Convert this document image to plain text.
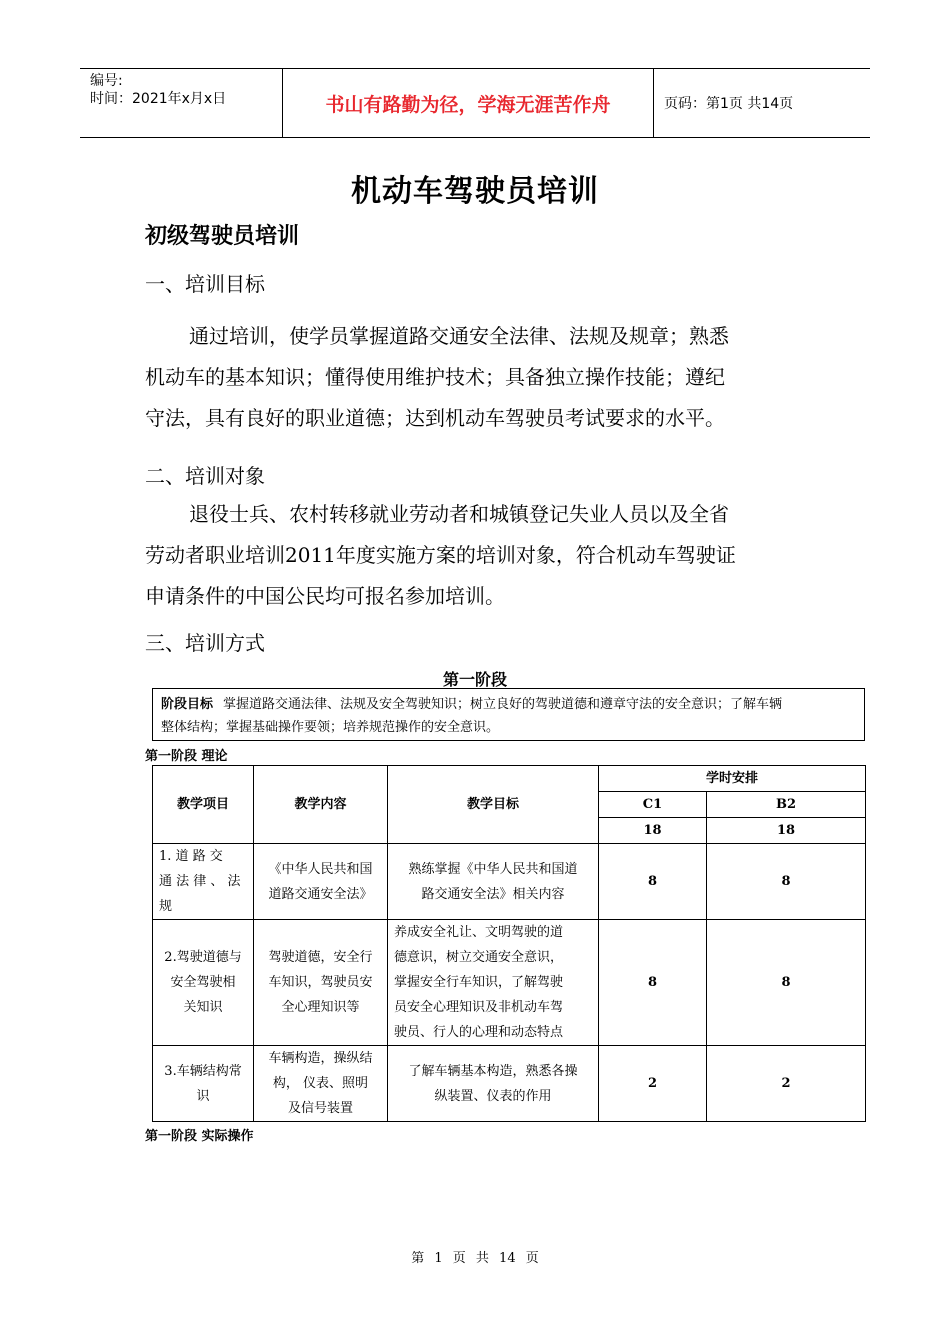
编号:
时间：2021年x月x日	书山有路勤为径，学海无涯苦作舟	页码：第1页 共14页
机动车驾驶员培训
初级驾驶员培训
一、培训目标
通过培训，使学员掌握道路交通安全法律、法规及规章；熟悉
机动车的基本知识；懂得使用维护技术；具备独立操作技能；遵纪
守法，具有良好的职业道德；达到机动车驾驶员考试要求的水平。
二、培训对象
退役士兵、农村转移就业劳动者和城镇登记失业人员以及全省
劳动者职业培训2011年度实施方案的培训对象，符合机动车驾驶证
申请条件的中国公民均可报名参加培训。
三、培训方式
第一阶段
阶段目标 掌握道路交通法律、法规及安全驾驶知识；树立良好的驾驶道德和遵章守法的安全意识；了解车辆
整体结构；掌握基础操作要领；培养规范操作的安全意识。
第一阶段 理论
教学项目	教学内容	教学目标	学时安排	
			C1	B2
			18	18

1. 道 路 交
通 法 律 、 法
规	《中华人民共和国
道路交通安全法》	熟练掌握《中华人民共和国道
路交通安全法》相关内容	8	8

2.驾驶道德与
安全驾驶相
关知识	驾驶道德，安全行
车知识，驾驶员安
全心理知识等	养成安全礼让、文明驾驶的道
德意识，树立交通安全意识，
掌握安全行车知识，了解驾驶
员安全心理知识及非机动车驾
驶员、行人的心理和动态特点	8	8

3.车辆结构常
识	车辆构造，操纵结
构， 仪表、照明
及信号装置	了解车辆基本构造，熟悉各操
纵装置、仪表的作用	2	2
第一阶段 实际操作
第 1 页 共 14 页
